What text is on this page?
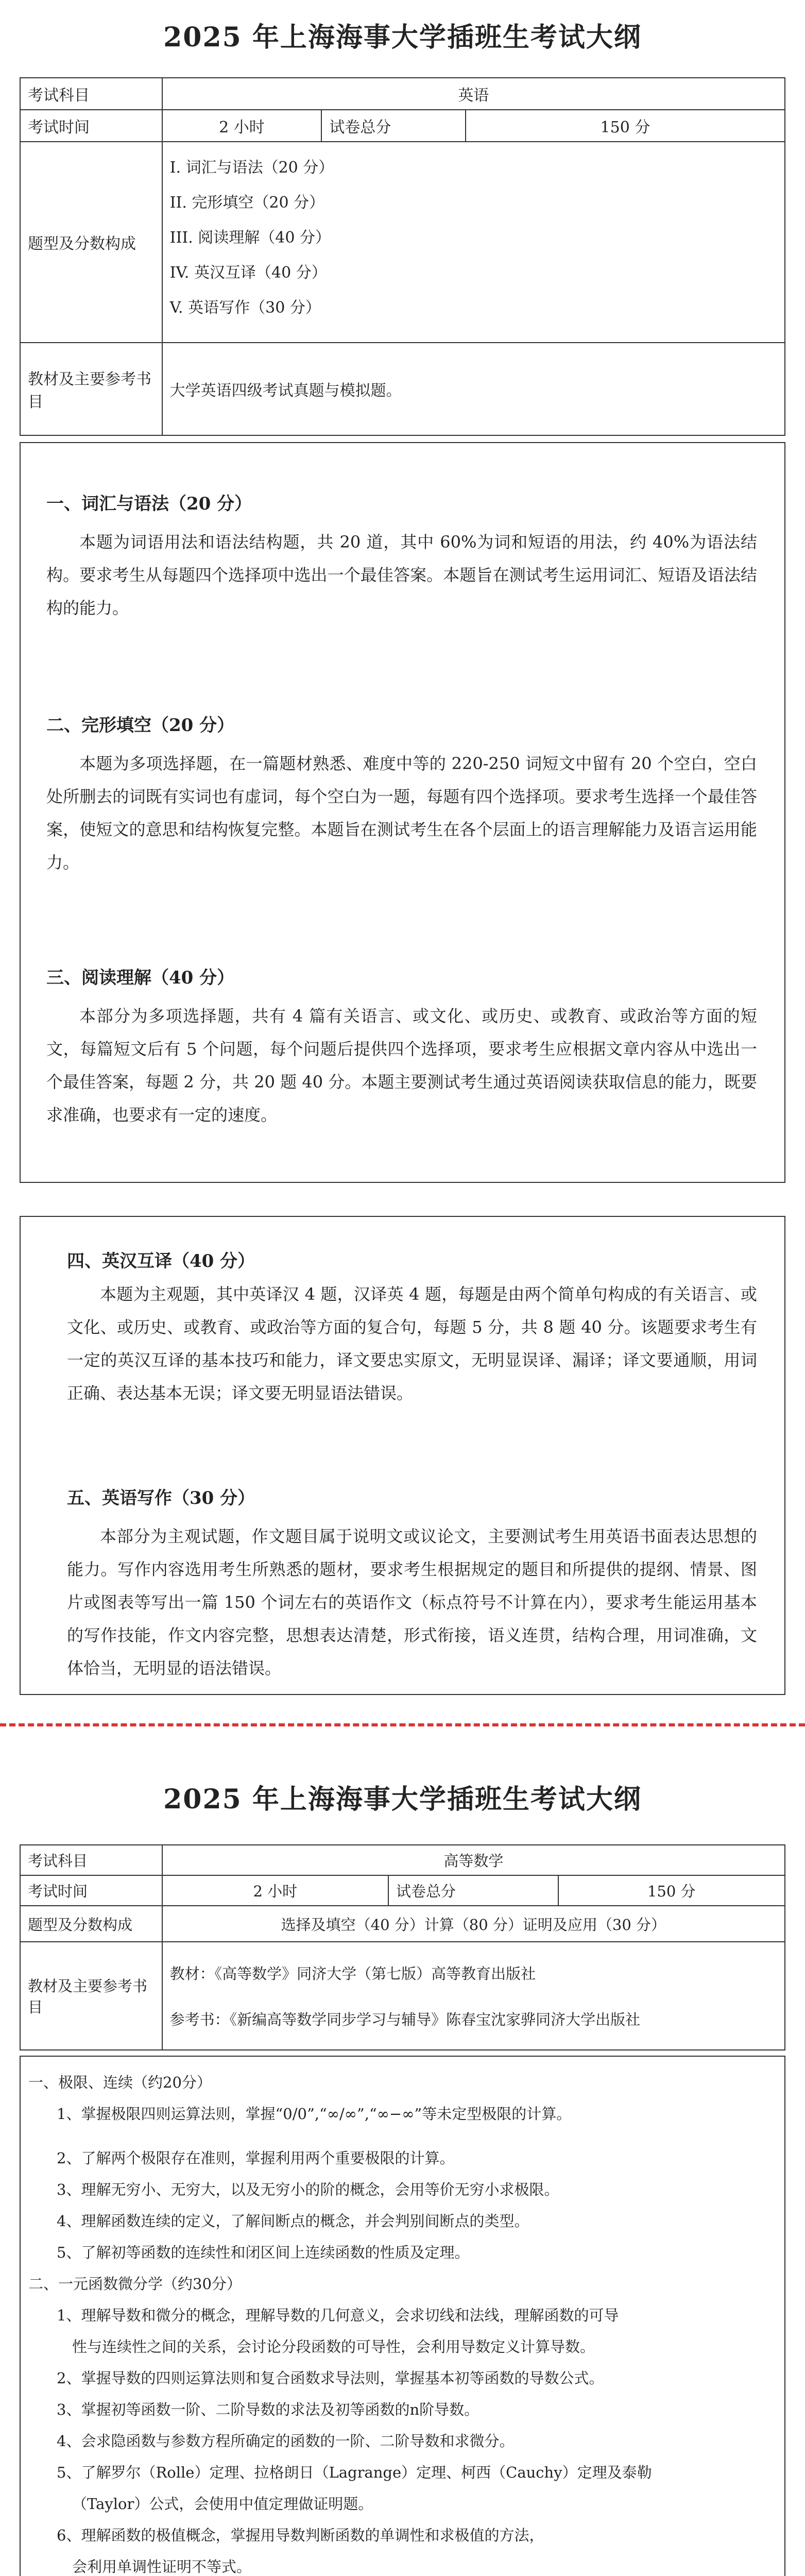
2025 年上海海事大学插班生考试大纲
考试科目	英语		
考试时间	2 小时	试卷总分	150 分
题型及分数构成	I. 词汇与语法（20 分）
II. 完形填空（20 分）
III. 阅读理解（40 分）
IV. 英汉互译（40 分）
V. 英语写作（30 分）		

教材及主要参考书目	大学英语四级考试真题与模拟题。		
一、词汇与语法（20 分）
本题为词语用法和语法结构题，共 20 道，其中 60%为词和短语的用法，约 40%为语法结构。要求考生从每题四个选择项中选出一个最佳答案。本题旨在测试考生运用词汇、短语及语法结构的能力。
二、完形填空（20 分）
本题为多项选择题，在一篇题材熟悉、难度中等的 220-250 词短文中留有 20 个空白，空白处所删去的词既有实词也有虚词，每个空白为一题，每题有四个选择项。要求考生选择一个最佳答案，使短文的意思和结构恢复完整。本题旨在测试考生在各个层面上的语言理解能力及语言运用能力。
三、阅读理解（40 分）
本部分为多项选择题，共有 4 篇有关语言、或文化、或历史、或教育、或政治等方面的短文，每篇短文后有 5 个问题，每个问题后提供四个选择项，要求考生应根据文章内容从中选出一个最佳答案，每题 2 分，共 20 题 40 分。本题主要测试考生通过英语阅读获取信息的能力，既要求准确，也要求有一定的速度。
四、英汉互译（40 分）
本题为主观题，其中英译汉 4 题，汉译英 4 题，每题是由两个简单句构成的有关语言、或文化、或历史、或教育、或政治等方面的复合句，每题 5 分，共 8 题 40 分。该题要求考生有一定的英汉互译的基本技巧和能力，译文要忠实原文，无明显误译、漏译；译文要通顺，用词正确、表达基本无误；译文要无明显语法错误。
五、英语写作（30 分）
本部分为主观试题，作文题目属于说明文或议论文，主要测试考生用英语书面表达思想的能力。写作内容选用考生所熟悉的题材，要求考生根据规定的题目和所提供的提纲、情景、图片或图表等写出一篇 150 个词左右的英语作文（标点符号不计算在内），要求考生能运用基本的写作技能，作文内容完整，思想表达清楚，形式衔接，语义连贯，结构合理，用词准确，文体恰当，无明显的语法错误。
2025 年上海海事大学插班生考试大纲
考试科目	高等数学		
考试时间	2 小时	试卷总分	150 分
题型及分数构成	选择及填空（40 分）计算（80 分）证明及应用（30 分）		
教材及主要参考书目	教材：《高等数学》同济大学（第七版）高等教育出版社
参考书：《新编高等数学同步学习与辅导》陈春宝沈家骅同济大学出版社		
一、极限、连续（约20分）
1、掌握极限四则运算法则，掌握“0/0”,“∞/∞”,“∞−∞”等未定型极限的计算。
2、了解两个极限存在准则，掌握利用两个重要极限的计算。
3、理解无穷小、无穷大，以及无穷小的阶的概念，会用等价无穷小求极限。
4、理解函数连续的定义，了解间断点的概念，并会判别间断点的类型。
5、了解初等函数的连续性和闭区间上连续函数的性质及定理。
二、一元函数微分学（约30分）
1、理解导数和微分的概念，理解导数的几何意义，会求切线和法线，理解函数的可导
性与连续性之间的关系，会讨论分段函数的可导性，会利用导数定义计算导数。
2、掌握导数的四则运算法则和复合函数求导法则，掌握基本初等函数的导数公式。
3、掌握初等函数一阶、二阶导数的求法及初等函数的n阶导数。
4、会求隐函数与参数方程所确定的函数的一阶、二阶导数和求微分。
5、了解罗尔（Rolle）定理、拉格朗日（Lagrange）定理、柯西（Cauchy）定理及泰勒
（Taylor）公式，会使用中值定理做证明题。
6、理解函数的极值概念，掌握用导数判断函数的单调性和求极值的方法，
会利用单调性证明不等式。
